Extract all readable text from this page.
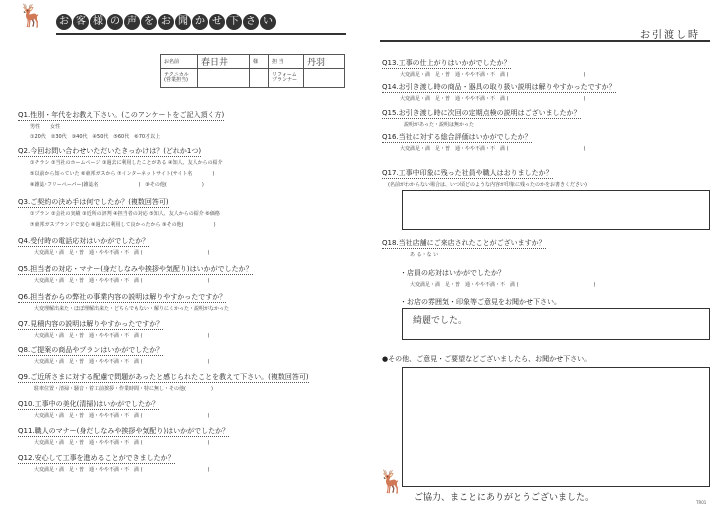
🦌	お 客 様 の 声 を お 聞 か せ 下 さ い
お引渡し時
お名前	春日井	様	担 当	丹羽
テクニカル
(営業担当)			リフォーム
プランナー	
Q1.性別・年代をお教え下さい。(このアンケートをご記入頂く方)
男性　　女性
①20代　②30代　③40代　④50代　⑤60代　⑥70才以上
Q2.今回お問い合わせいただいたきっかけは？(どれか1つ)
①チラシ ②当社のホームページ ③過去に利用したことがある ④知人、友人からの紹介
⑤以前から知っていた ⑥東邦ガスから ⑦インターネットサイト(サイト名　　　　)
⑧雑誌･フリーペーパー(雑誌名　　　　　　　　)　⑨その他(　　　　　　　)
Q3.ご契約の決め手は何でしたか？(複数回答可)
①プラン ②会社の実績 ③近所の評判 ④担当者の対応 ⑤知人、友人からの紹介 ⑥価格
⑦東邦ガスブランドで安心 ⑧過去に利用して良かったから ⑨その他(　　　　　　)
Q4.受付時の電話応対はいかがでしたか？
大変満足・満　足・普　通・やや不満・不　満 (　　　　　　　　　　　　　)
Q5.担当者の対応・マナー(身だしなみや挨拶や気配り)はいかがでしたか？
大変満足・満　足・普　通・やや不満・不　満 (　　　　　　　　　　　　　)
Q6.担当者からの弊社の事業内容の説明は解りやすかったですか？
大変理解出来た・ほぼ理解出来た・どちらでもない・解りにくかった・説明がなかった
Q7.見積内容の説明は解りやすかったですか？
大変満足・満　足・普　通・やや不満・不　満 (　　　　　　　　　　　　　)
Q8.ご提案の商品やプランはいかがでしたか？
大変満足・満　足・普　通・やや不満・不　満 (　　　　　　　　　　　　　)
Q9.ご近所さまに対する配慮で問題があったと感じられたことを教えて下さい。(複数回答可)
駐車位置・清掃・騒音・着工前挨拶・作業時間・特に無し・その他(　　　　　)
Q10.工事中の美化(清掃)はいかがでしたか？
大変満足・満　足・普　通・やや不満・不　満 (　　　　　　　　　　　　　)
Q11.職人のマナー(身だしなみや挨拶や気配り)はいかがでしたか？
大変満足・満　足・普　通・やや不満・不　満 (　　　　　　　　　　　　　)
Q12.安心して工事を進めることができましたか？
大変満足・満　足・普　通・やや不満・不　満 (　　　　　　　　　　　　　)
Q13.工事の仕上がりはいかがでしたか？
大変満足・満　足・普　通・やや不満・不　満 (　　　　　　　　　　　　　　　)
Q14.お引き渡し時の商品・器具の取り扱い説明は解りやすかったですか？
大変満足・満　足・普　通・やや不満・不　満 (　　　　　　　　　　　　　　　)
Q15.お引き渡し時に次回の定期点検の説明はございましたか？
説明があった・説明は無かった
Q16.当社に対する総合評価はいかがでしたか？
大変満足・満　足・普　通・やや不満・不　満 (　　　　　　　　　　　　　　　)
Q17.工事中印象に残った社員や職人はおりましたか？
(名前がわからない場合は、いつ頃どのような内容が印象に残ったのかをお書きください)
Q18.当社店舗にご来店されたことがございますか？
あ る・な い
・店員の応対はいかがでしたか？
大変満足・満　足・普　通・やや不満・不　満 (　　　　　　　　　　　　　　　)
・お店の雰囲気・印象等ご意見をお聞かせ下さい。
綺麗でした。
●その他、ご意見・ご要望などございましたら、お聞かせ下さい。
🦌
ご協力、まことにありがとうございました。	TR01
